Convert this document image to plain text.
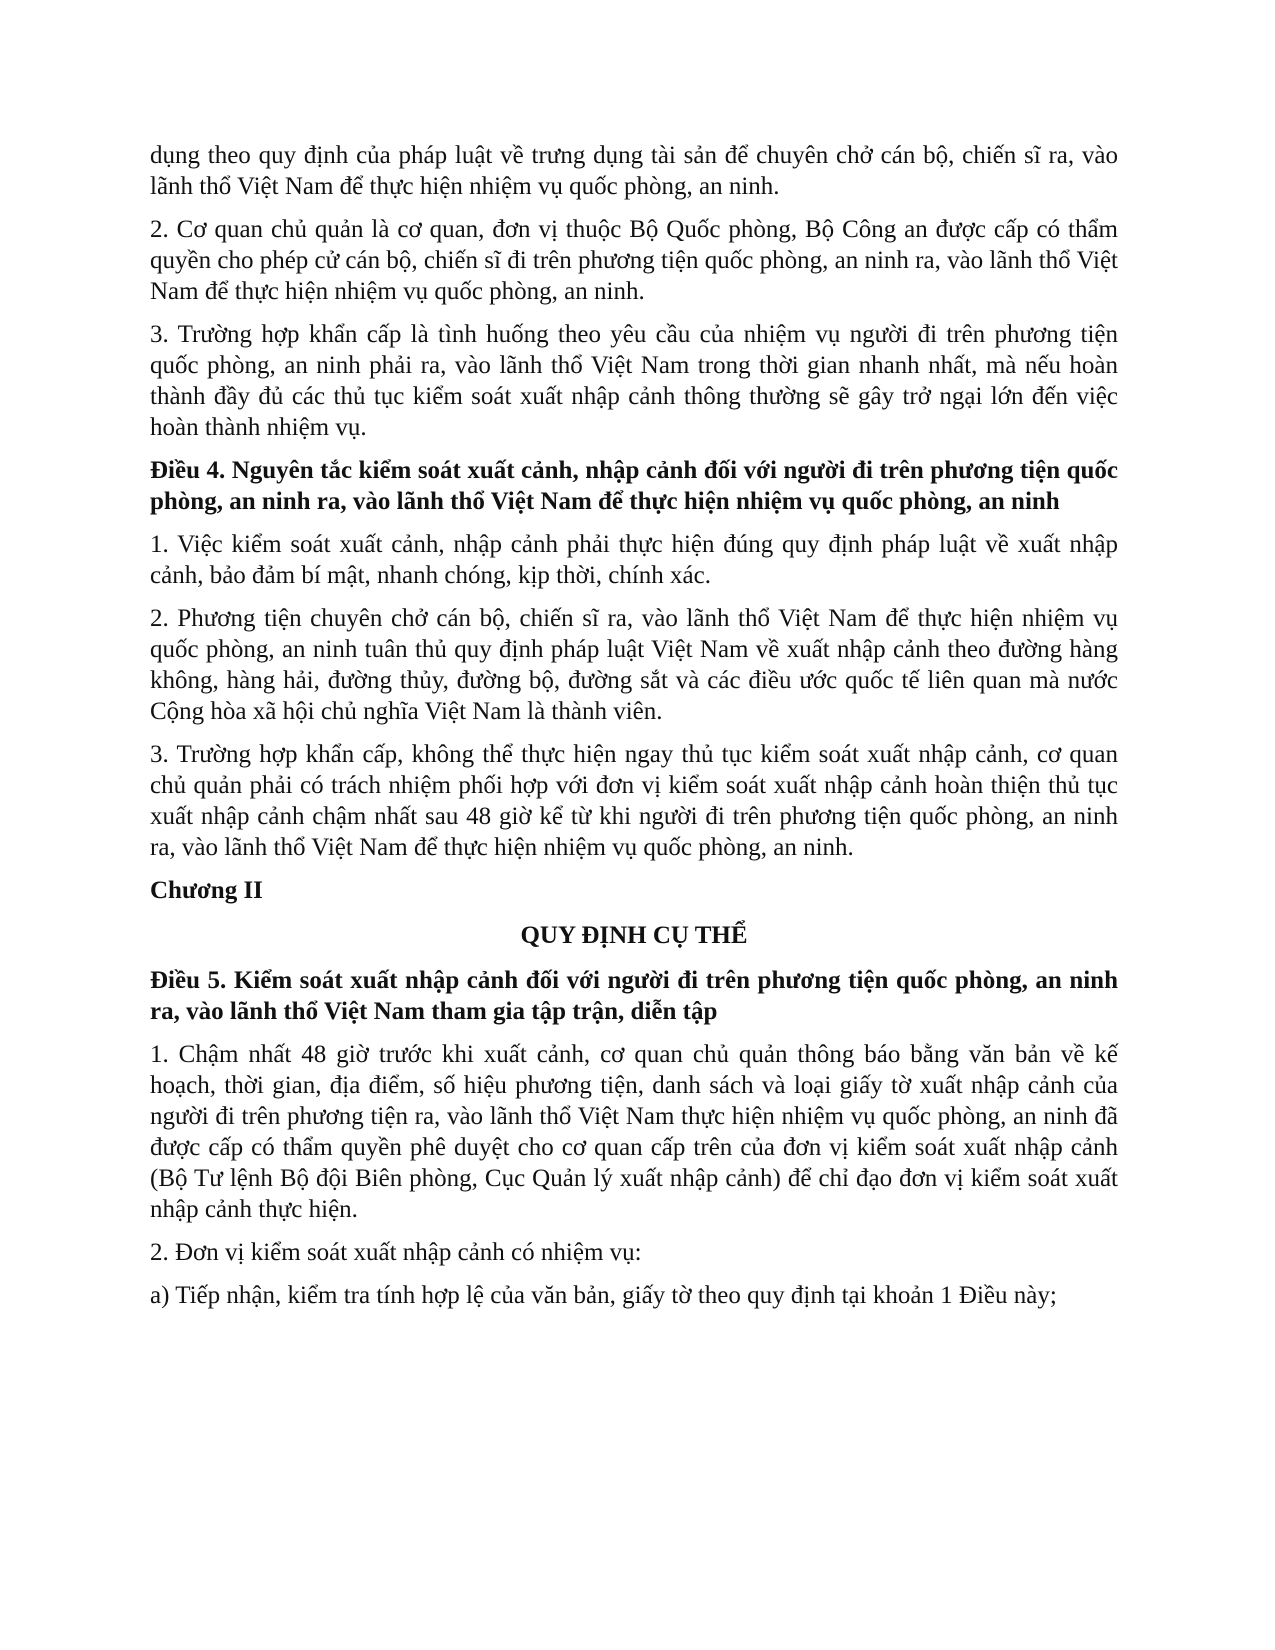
dụng theo quy định của pháp luật về trưng dụng tài sản để chuyên chở cán bộ, chiến sĩ ra, vào lãnh thổ Việt Nam để thực hiện nhiệm vụ quốc phòng, an ninh.

2. Cơ quan chủ quản là cơ quan, đơn vị thuộc Bộ Quốc phòng, Bộ Công an được cấp có thẩm quyền cho phép cử cán bộ, chiến sĩ đi trên phương tiện quốc phòng, an ninh ra, vào lãnh thổ Việt Nam để thực hiện nhiệm vụ quốc phòng, an ninh.

3. Trường hợp khẩn cấp là tình huống theo yêu cầu của nhiệm vụ người đi trên phương tiện quốc phòng, an ninh phải ra, vào lãnh thổ Việt Nam trong thời gian nhanh nhất, mà nếu hoàn thành đầy đủ các thủ tục kiểm soát xuất nhập cảnh thông thường sẽ gây trở ngại lớn đến việc hoàn thành nhiệm vụ.

Điều 4. Nguyên tắc kiểm soát xuất cảnh, nhập cảnh đối với người đi trên phương tiện quốc phòng, an ninh ra, vào lãnh thổ Việt Nam để thực hiện nhiệm vụ quốc phòng, an ninh

1. Việc kiểm soát xuất cảnh, nhập cảnh phải thực hiện đúng quy định pháp luật về xuất nhập cảnh, bảo đảm bí mật, nhanh chóng, kịp thời, chính xác.

2. Phương tiện chuyên chở cán bộ, chiến sĩ ra, vào lãnh thổ Việt Nam để thực hiện nhiệm vụ quốc phòng, an ninh tuân thủ quy định pháp luật Việt Nam về xuất nhập cảnh theo đường hàng không, hàng hải, đường thủy, đường bộ, đường sắt và các điều ước quốc tế liên quan mà nước Cộng hòa xã hội chủ nghĩa Việt Nam là thành viên.

3. Trường hợp khẩn cấp, không thể thực hiện ngay thủ tục kiểm soát xuất nhập cảnh, cơ quan chủ quản phải có trách nhiệm phối hợp với đơn vị kiểm soát xuất nhập cảnh hoàn thiện thủ tục xuất nhập cảnh chậm nhất sau 48 giờ kể từ khi người đi trên phương tiện quốc phòng, an ninh ra, vào lãnh thổ Việt Nam để thực hiện nhiệm vụ quốc phòng, an ninh.

Chương II

QUY ĐỊNH CỤ THỂ

Điều 5. Kiểm soát xuất nhập cảnh đối với người đi trên phương tiện quốc phòng, an ninh ra, vào lãnh thổ Việt Nam tham gia tập trận, diễn tập

1. Chậm nhất 48 giờ trước khi xuất cảnh, cơ quan chủ quản thông báo bằng văn bản về kế hoạch, thời gian, địa điểm, số hiệu phương tiện, danh sách và loại giấy tờ xuất nhập cảnh của người đi trên phương tiện ra, vào lãnh thổ Việt Nam thực hiện nhiệm vụ quốc phòng, an ninh đã được cấp có thẩm quyền phê duyệt cho cơ quan cấp trên của đơn vị kiểm soát xuất nhập cảnh (Bộ Tư lệnh Bộ đội Biên phòng, Cục Quản lý xuất nhập cảnh) để chỉ đạo đơn vị kiểm soát xuất nhập cảnh thực hiện.

2. Đơn vị kiểm soát xuất nhập cảnh có nhiệm vụ:

a) Tiếp nhận, kiểm tra tính hợp lệ của văn bản, giấy tờ theo quy định tại khoản 1 Điều này;
